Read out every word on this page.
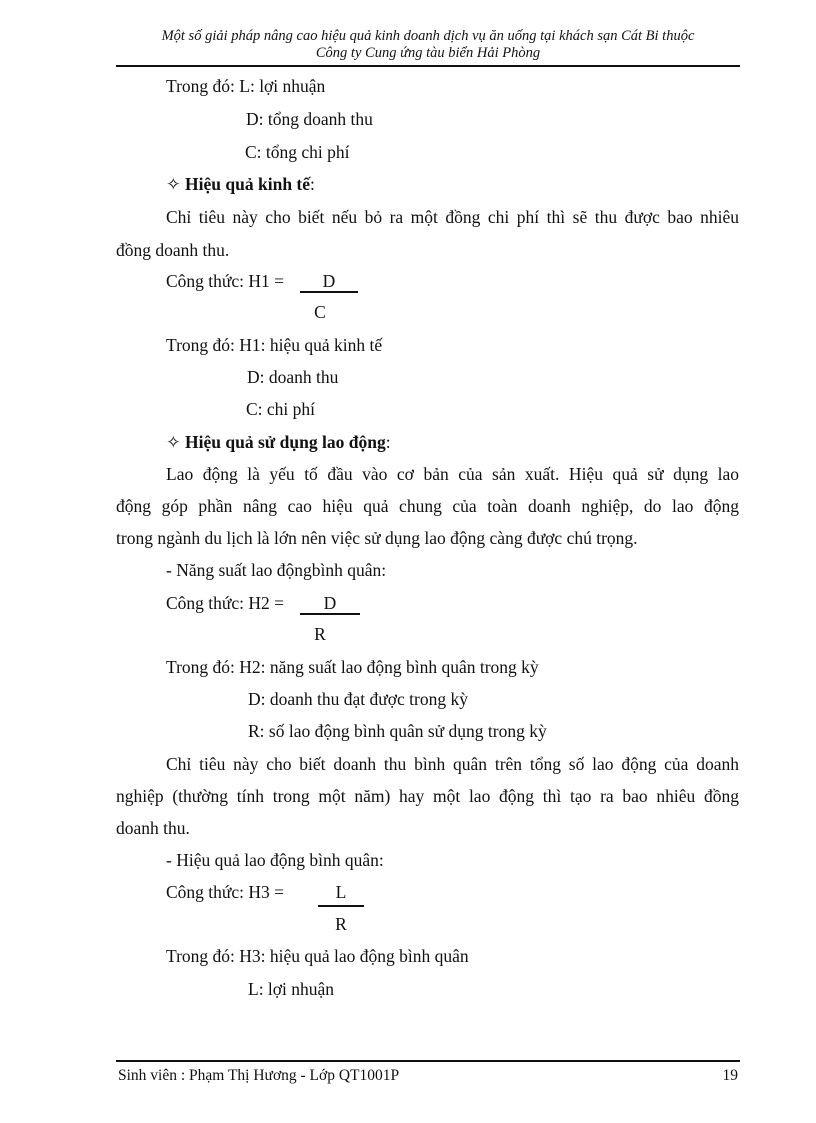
Một số giải pháp nâng cao hiệu quả kinh doanh dịch vụ ăn uống tại khách sạn Cát Bi thuộc
Công ty Cung ứng tàu biển Hải Phòng
Trong đó: L: lợi nhuận
D: tổng doanh thu
C: tổng chi phí
✧ Hiệu quả kinh tế:
Chỉ tiêu này cho biết nếu bỏ ra một đồng chi phí thì sẽ thu được bao nhiêu
đồng doanh thu.
Công thức: H1 =	D
C
Trong đó: H1: hiệu quả kinh tế
D: doanh thu
C: chi phí
✧ Hiệu quả sử dụng lao động:
Lao động là yếu tố đầu vào cơ bản của sản xuất. Hiệu quả sử dụng lao
động góp phần nâng cao hiệu quả chung của toàn doanh nghiệp, do lao động
trong ngành du lịch là lớn nên việc sử dụng lao động càng được chú trọng.
- Năng suất lao độngbình quân:
Công thức: H2 =	D
R
Trong đó: H2: năng suất lao động bình quân trong kỳ
D: doanh thu đạt được trong kỳ
R: số lao động bình quân sử dụng trong kỳ
Chỉ tiêu này cho biết doanh thu bình quân trên tổng số lao động của doanh
nghiệp (thường tính trong một năm) hay một lao động thì tạo ra bao nhiêu đồng
doanh thu.
- Hiệu quả lao động bình quân:
Công thức: H3 =	L
R
Trong đó: H3: hiệu quả lao động bình quân
L: lợi nhuận
Sinh viên : Phạm Thị Hương - Lớp QT1001P	19
